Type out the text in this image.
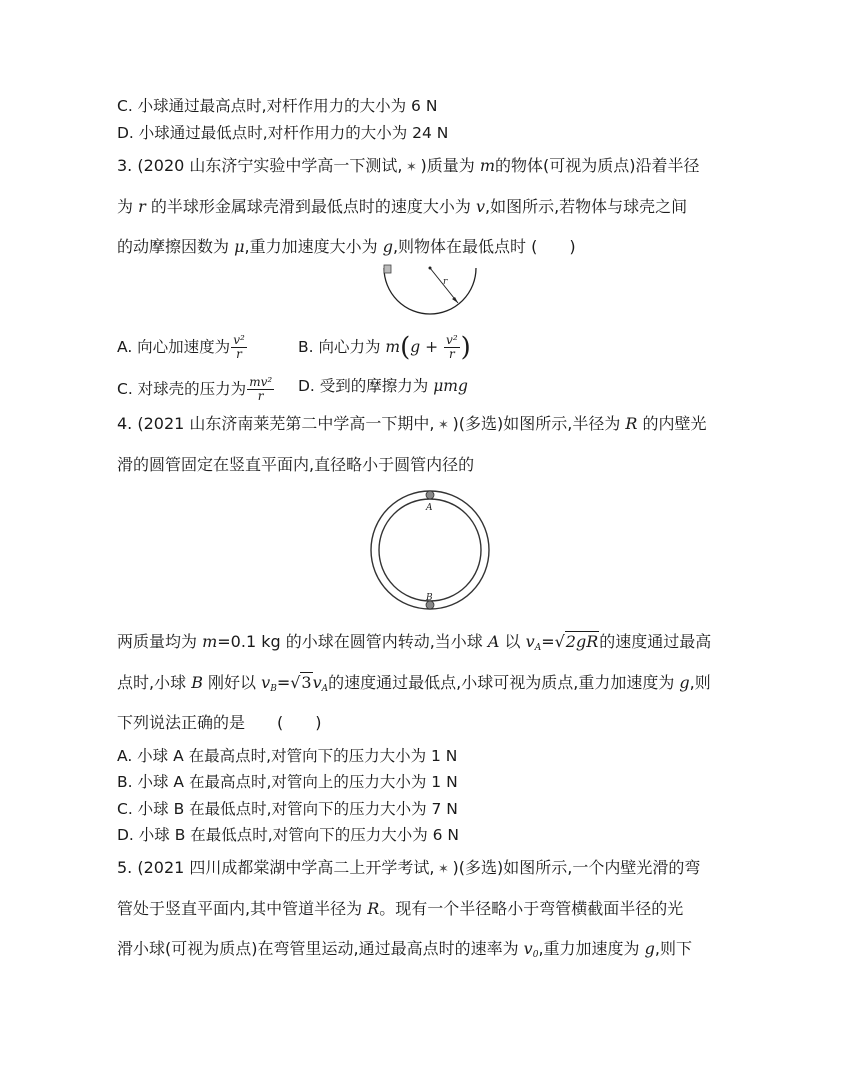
C. 小球通过最高点时,对杆作用力的大小为 6 N
D. 小球通过最低点时,对杆作用力的大小为 24 N
3. (2020 山东济宁实验中学高一下测试, ✶ )质量为 m的物体(可视为质点)沿着半径
为 r 的半球形金属球壳滑到最低点时的速度大小为 v,如图所示,若物体与球壳之间
的动摩擦因数为 μ,重力加速度大小为 g,则物体在最低点时 (　　)
r
A. 向心加速度为 $\frac{\text{v²}}{r}$	B. 向心力为 $m(g + \frac{\text{v²}}{r}$ )
C. 对球壳的压力为 $\frac{\text{mv²}}{r} D$. 受到的摩擦力为 μmg
4. (2021 山东济南莱芜第二中学高一下期中, ✶ )(多选)如图所示,半径为 R 的内壁光
滑的圆管固定在竖直平面内,直径略小于圆管内径的
A
B
两质量均为 m=0.1 kg 的小球在圆管内转动,当小球 A 以 $v_A=√2gR$的速度通过最高
点时,小球 B 刚好以 $v_B=√3v_A$的速度通过最低点,小球可视为质点,重力加速度为 g,则
下列说法正确的是　　(　　)
A. 小球 A 在最高点时,对管向下的压力大小为 1 N
B. 小球 A 在最高点时,对管向上的压力大小为 1 N
C. 小球 B 在最低点时,对管向下的压力大小为 7 N
D. 小球 B 在最低点时,对管向下的压力大小为 6 N
5. (2021 四川成都棠湖中学高二上开学考试, ✶ )(多选)如图所示,一个内壁光滑的弯
管处于竖直平面内,其中管道半径为 R。现有一个半径略小于弯管横截面半径的光
滑小球(可视为质点)在弯管里运动,通过最高点时的速率为 $v_0$,重力加速度为 g,则下
